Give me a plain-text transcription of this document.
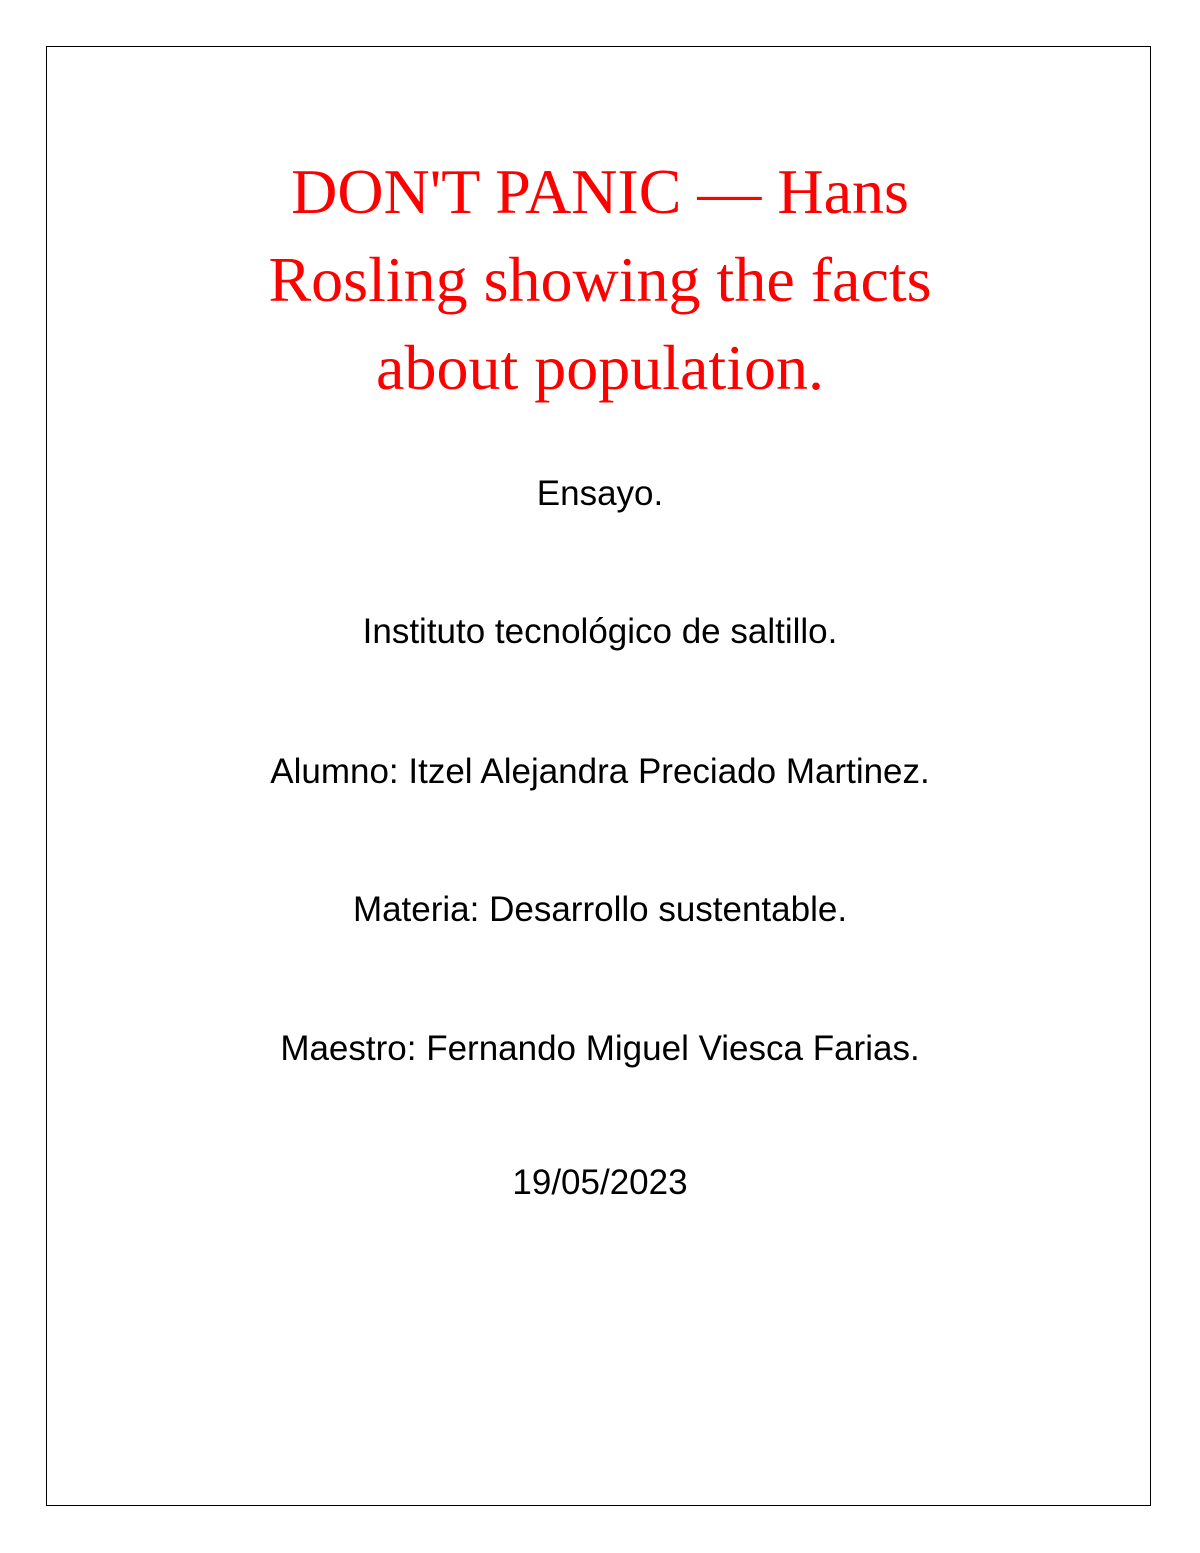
DON'T PANIC — Hans
Rosling showing the facts
about population.
Ensayo.
Instituto tecnológico de saltillo.
Alumno: Itzel Alejandra Preciado Martinez.
Materia: Desarrollo sustentable.
Maestro: Fernando Miguel Viesca Farias.
19/05/2023
